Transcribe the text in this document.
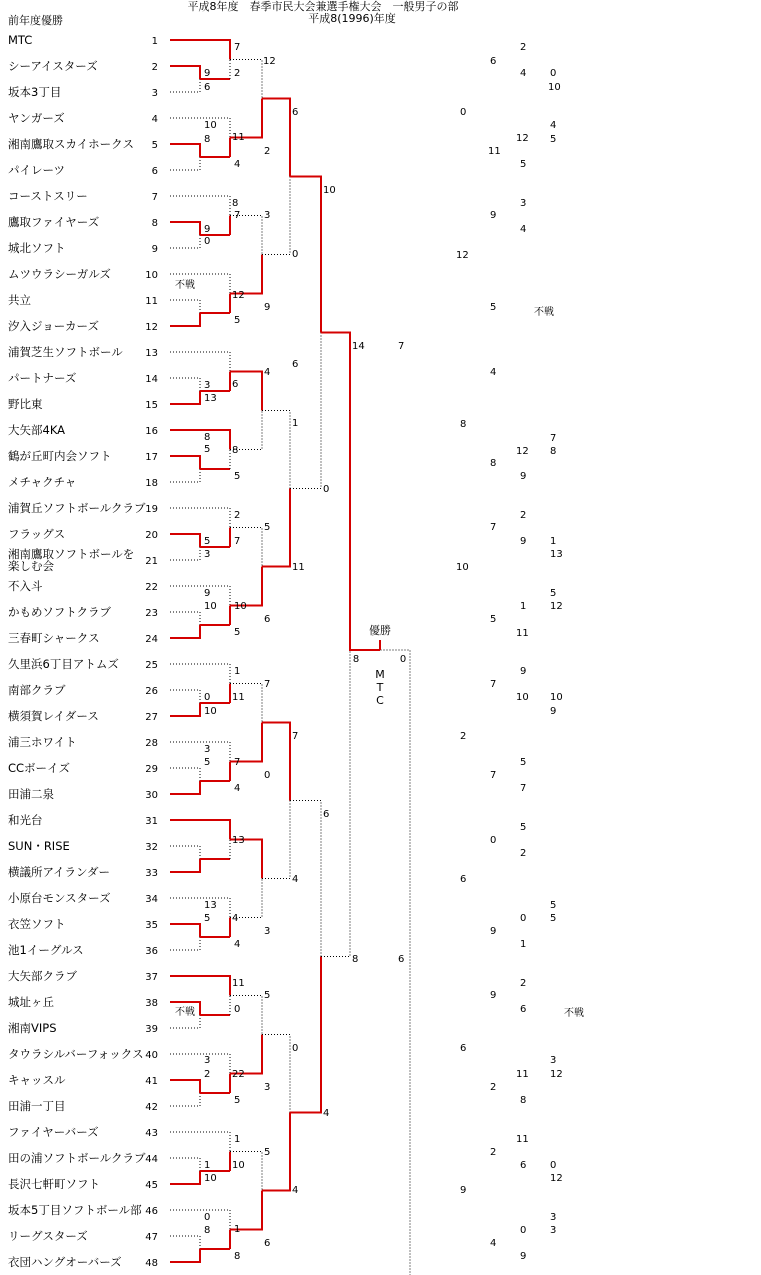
平成8年度　春季市民大会兼選手権大会　一般男子の部
平成8(1996)年度
前年度優勝
MTC	1
シーアイスターズ	2
坂本3丁目	3
ヤンガーズ	4
湘南鷹取スカイホークス 5
パイレーツ	6
コーストスリー	7
鷹取ファイヤーズ	8
城北ソフト	9
ムツウラシーガルズ	10
共立	11
汐入ジョーカーズ	12
浦賀芝生ソフトボール 13
パートナーズ	14
野比東	15
大矢部4KA	16
鶴が丘町内会ソフト	17
メチャクチャ	18
浦賀丘ソフトボールクラブ 19
フラッグス	20
湘南鷹取ソフトボールを楽しむ会	21
不入斗	22
かもめソフトクラブ	23
三春町シャークス	24
久里浜6丁目アトムズ	25
南部クラブ	26
横須賀レイダース	27
浦三ホワイト	28
CCボーイズ	29
田浦二泉	30
和光台	31
SUN・RISE	32
横議所アイランダー	33
小原台モンスターズ	34
衣笠ソフト	35
池1イーグルス	36
大矢部クラブ	37
城址ヶ丘	38
湘南VIPS	39
タウラシルバーフォックス 40
キャッスル	41
田浦一丁目	42
ファイヤーバーズ	43
田の浦ソフトボールクラブ 44
長沢七軒町ソフト	45
坂本5丁目ソフトボール部 46
リーグスターズ	47
衣団ハングオーバーズ 48
優勝
8	0
M
T
C
MTC
不戦
不戦
不戦
不戦
7
9 2
6
12
10
8 11
4
2
6
8
9
7
0
3
12
5
9
0
10
6
3
13
6
4
8
5 8
5
1
2
5
3
7
5
9
10 10
5
6
11
0
14
1
0 11
10
7
3
5 7
4
0
7
13
13
5 4
4
3
4
6
11
0
5
3
2 22
5
3
0
1
1 10
10
5
0
8 1
8
6
4
4
8
2
0
4
10
6
4
12 5
5
0
11
3
4
9
5
12
7
4
7
8
12
8
9
8
2
1
9
13
7
10
5
1 12
5
11
9
10 10
9
7
5
7
7
2
5
2
0
0 5
5
1
9
6
2
6
9
11
3
12
2
8
6
11
6 0
12
2
3
0 3
4
9
9
6
